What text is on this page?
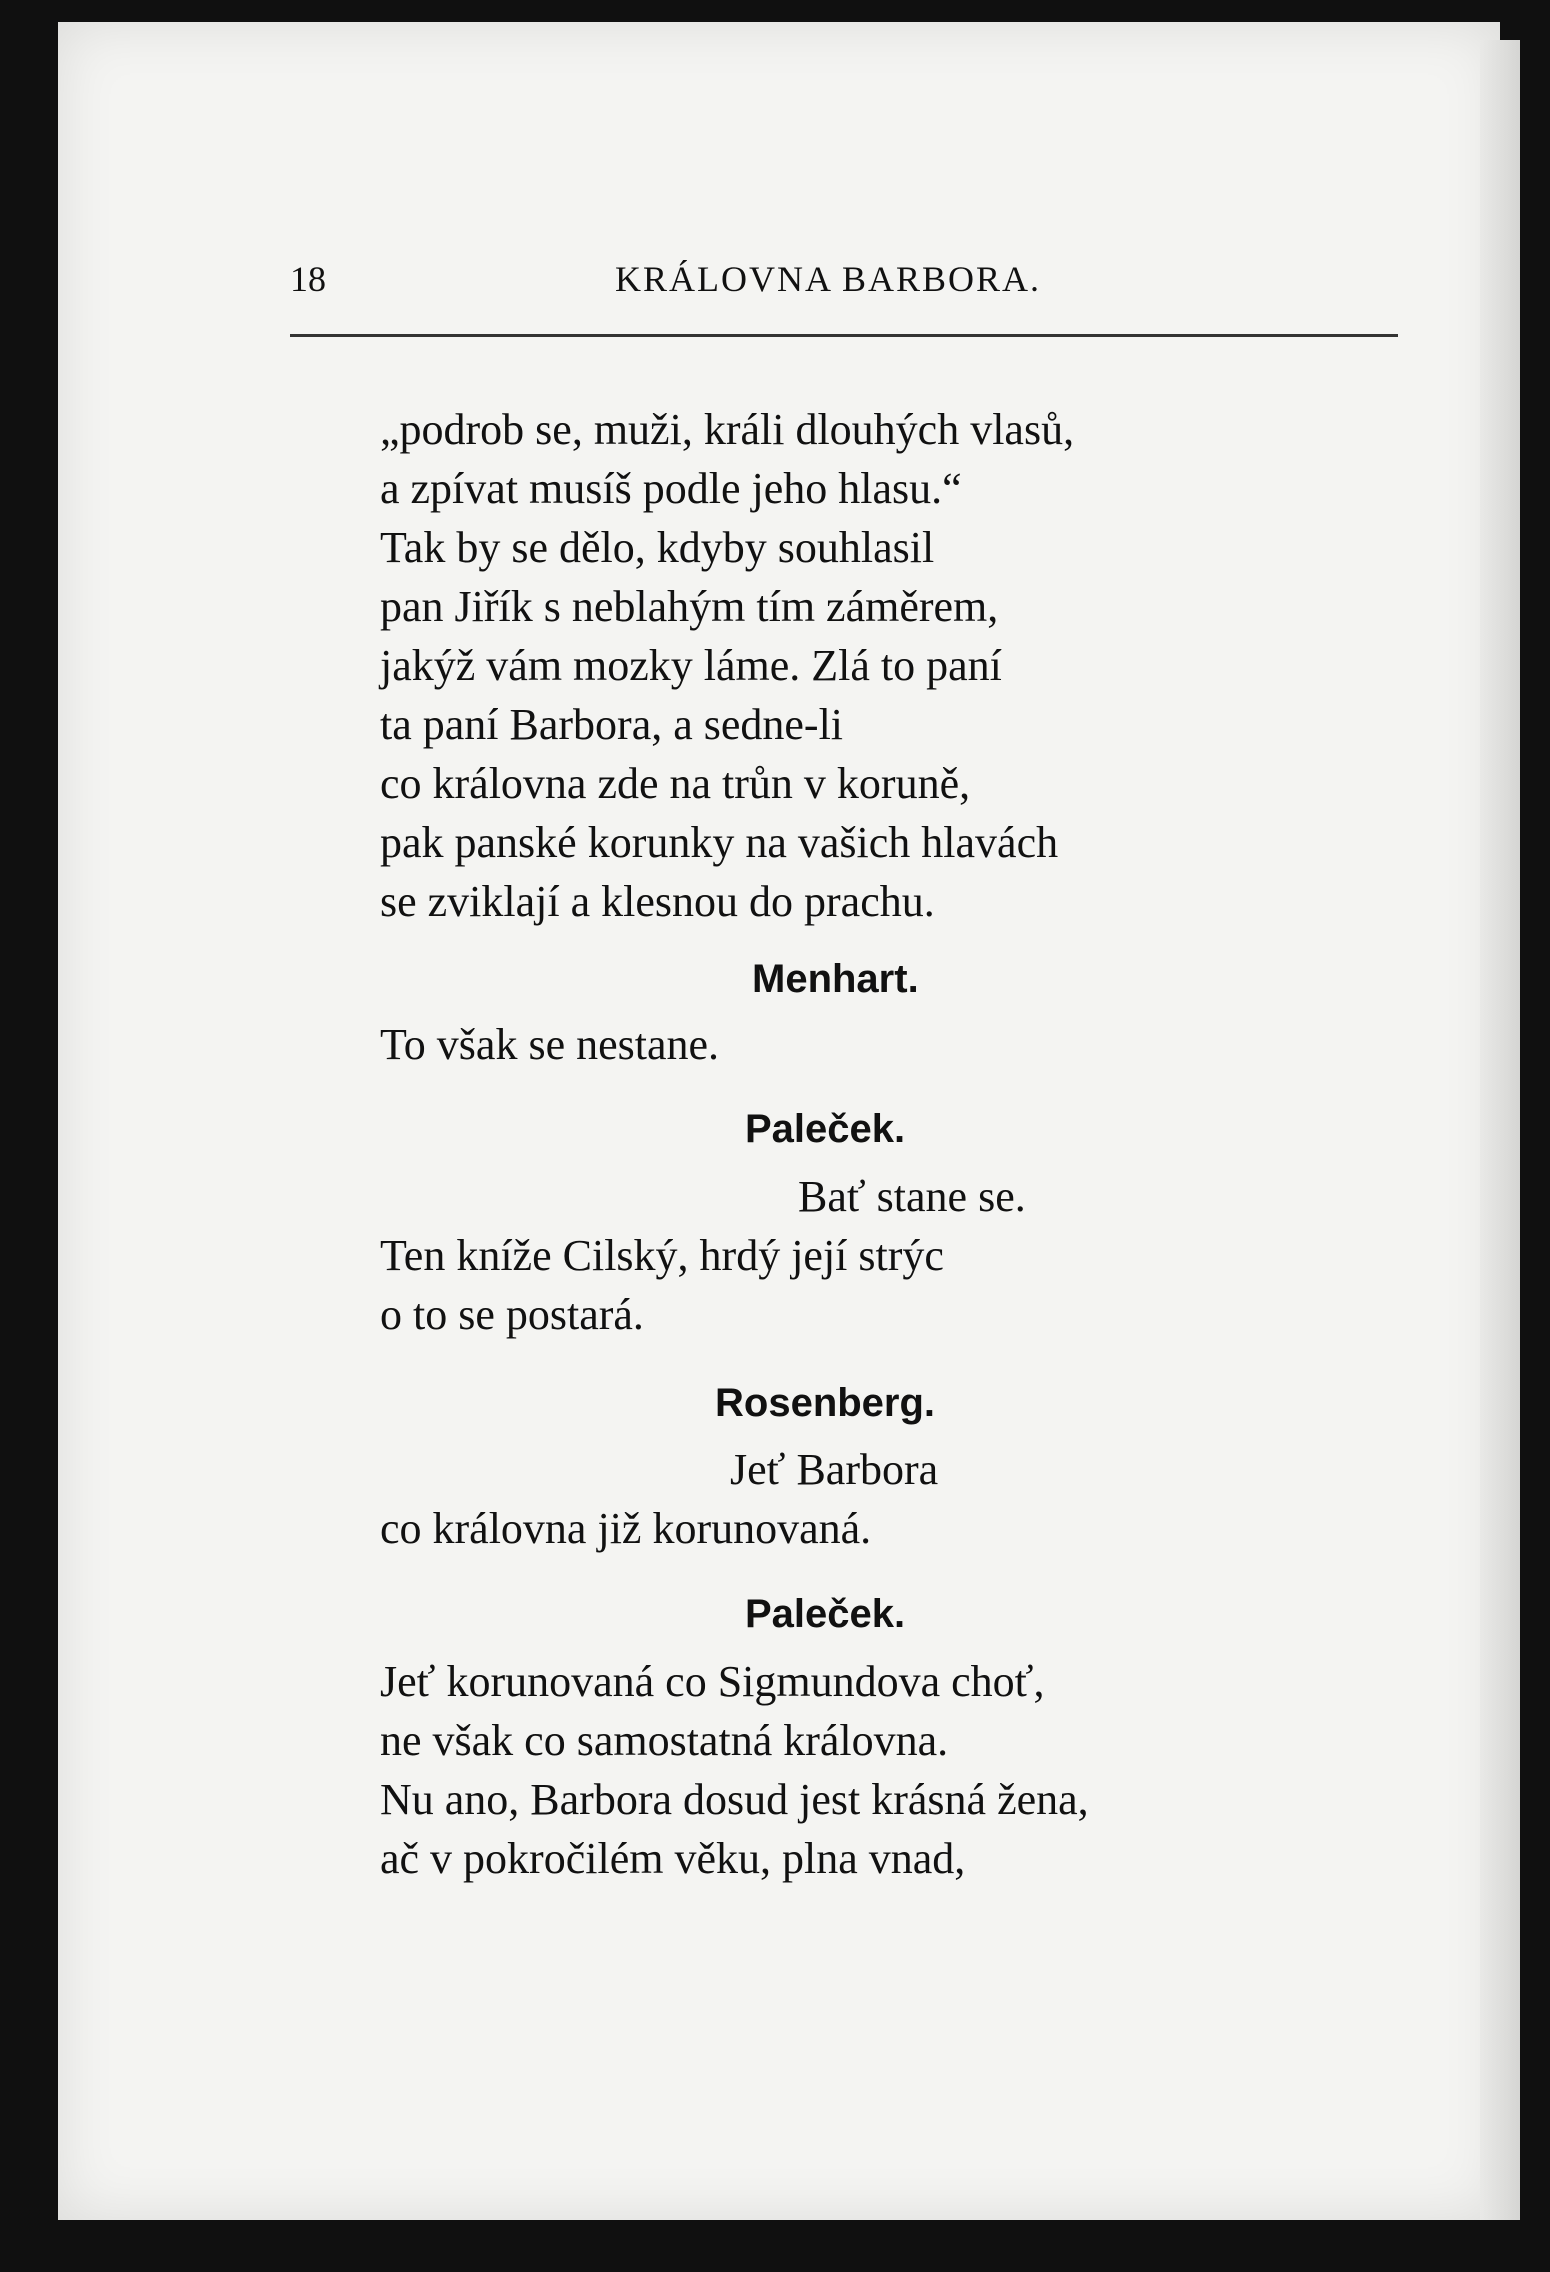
18	KRÁLOVNA BARBORA.
„podrob se, muži, králi dlouhých vlasů,
a zpívat musíš podle jeho hlasu.“
Tak by se dělo, kdyby souhlasil
pan Jiřík s neblahým tím záměrem,
jakýž vám mozky láme. Zlá to paní
ta paní Barbora, a sedne-li
co královna zde na trůn v koruně,
pak panské korunky na vašich hlavách
se zviklají a klesnou do prachu.
Menhart.
To však se nestane.
Paleček.
Bať stane se.
Ten kníže Cilský, hrdý její strýc
o to se postará.
Rosenberg.
Jeť Barbora
co královna již korunovaná.
Paleček.
Jeť korunovaná co Sigmundova choť,
ne však co samostatná královna.
Nu ano, Barbora dosud jest krásná žena,
ač v pokročilém věku, plna vnad,
